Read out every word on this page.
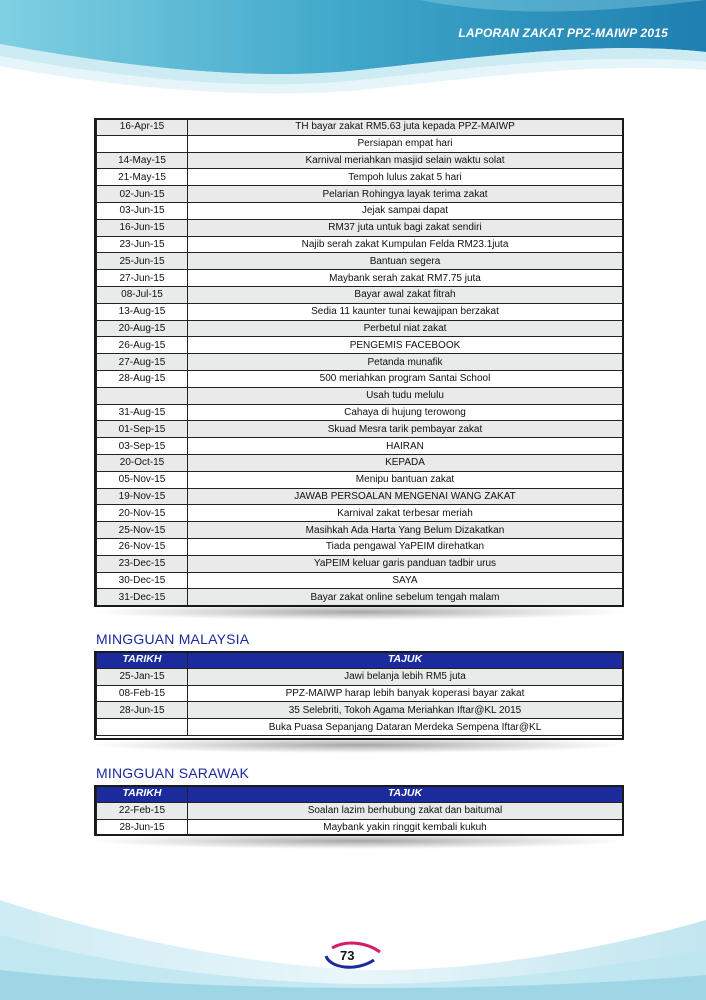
LAPORAN ZAKAT PPZ-MAIWP 2015
16-Apr-15	TH bayar zakat RM5.63 juta kepada PPZ-MAIWP
	Persiapan empat hari
14-May-15	Karnival meriahkan masjid selain waktu solat
21-May-15	Tempoh lulus zakat 5 hari
02-Jun-15	Pelarian Rohingya layak terima zakat
03-Jun-15	Jejak sampai dapat
16-Jun-15	RM37 juta untuk bagi zakat sendiri
23-Jun-15	Najib serah zakat Kumpulan Felda RM23.1juta
25-Jun-15	Bantuan segera
27-Jun-15	Maybank serah zakat RM7.75 juta
08-Jul-15	Bayar awal zakat fitrah
13-Aug-15	Sedia 11 kaunter tunai kewajipan berzakat
20-Aug-15	Perbetul niat zakat
26-Aug-15	PENGEMIS FACEBOOK
27-Aug-15	Petanda munafik
28-Aug-15	500 meriahkan program Santai School
	Usah tudu melulu
31-Aug-15	Cahaya di hujung terowong
01-Sep-15	Skuad Mesra tarik pembayar zakat
03-Sep-15	HAIRAN
20-Oct-15	KEPADA
05-Nov-15	Menipu bantuan zakat
19-Nov-15	JAWAB PERSOALAN MENGENAI WANG ZAKAT
20-Nov-15	Karnival zakat terbesar meriah
25-Nov-15	Masihkah Ada Harta Yang Belum Dizakatkan
26-Nov-15	Tiada pengawal YaPEIM direhatkan
23-Dec-15	YaPEIM keluar garis panduan tadbir urus
30-Dec-15	SAYA
31-Dec-15	Bayar zakat online sebelum tengah malam
MINGGUAN MALAYSIA
TARIKH	TAJUK
25-Jan-15	Jawi belanja lebih RM5 juta
08-Feb-15	PPZ-MAIWP harap lebih banyak koperasi bayar zakat
28-Jun-15	35 Selebriti, Tokoh Agama Meriahkan Iftar@KL 2015
	Buka Puasa Sepanjang Dataran Merdeka Sempena Iftar@KL
MINGGUAN SARAWAK
TARIKH	TAJUK
22-Feb-15	Soalan lazim berhubung zakat dan baitumal
28-Jun-15	Maybank yakin ringgit kembali kukuh
73
